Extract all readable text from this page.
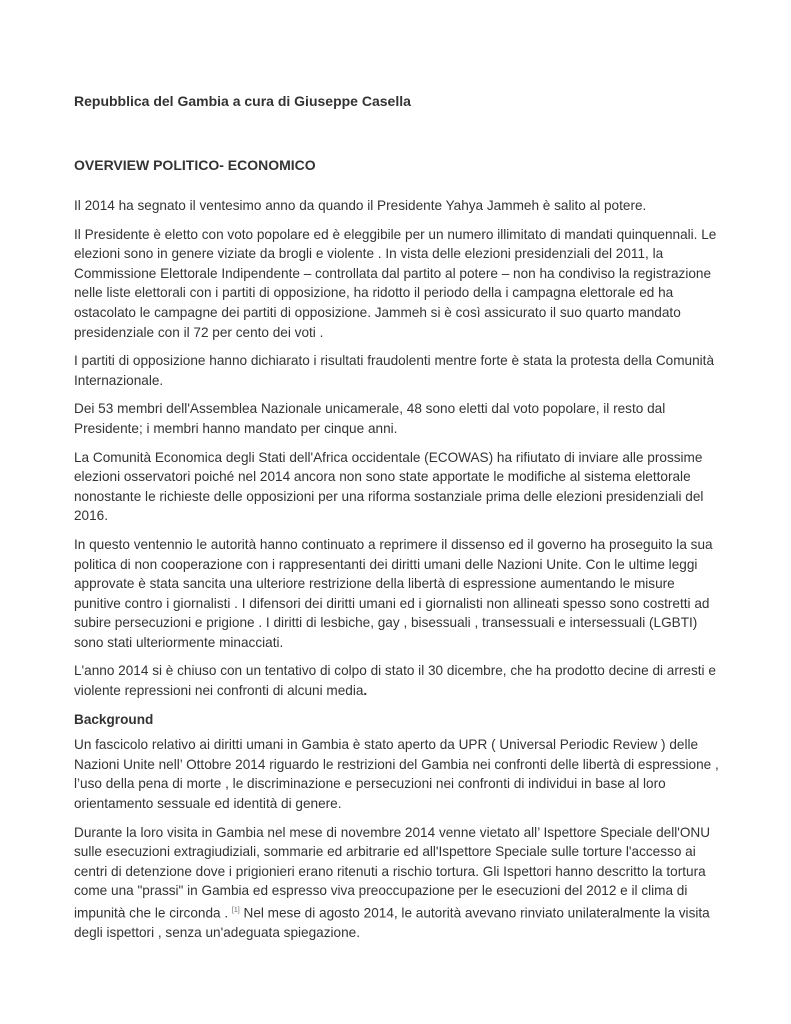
Repubblica del Gambia a cura di Giuseppe Casella
OVERVIEW POLITICO- ECONOMICO

Il 2014 ha segnato il ventesimo anno da quando il Presidente Yahya Jammeh è salito al potere.

Il Presidente è eletto con voto popolare ed è eleggibile per un numero illimitato di mandati quinquennali. Le elezioni sono in genere viziate da brogli e violente . In vista delle elezioni presidenziali del 2011, la Commissione Elettorale Indipendente – controllata dal partito al potere – non ha condiviso la registrazione nelle liste elettorali con i partiti di opposizione, ha ridotto il periodo della i campagna elettorale ed ha ostacolato le campagne dei partiti di opposizione. Jammeh si è così assicurato il suo quarto mandato presidenziale con il 72 per cento dei voti .

I partiti di opposizione hanno dichiarato i risultati fraudolenti mentre forte è stata la protesta della Comunità Internazionale.

Dei 53 membri dell'Assemblea Nazionale unicamerale, 48 sono eletti dal voto popolare, il resto dal Presidente; i membri hanno mandato per cinque anni.

La Comunità Economica degli Stati dell'Africa occidentale (ECOWAS) ha rifiutato di inviare alle prossime elezioni osservatori poiché nel 2014 ancora non sono state apportate le modifiche al sistema elettorale nonostante le richieste delle opposizioni per una riforma sostanziale prima delle elezioni presidenziali del 2016.

In questo ventennio le autorità hanno continuato a reprimere il dissenso ed il governo ha proseguito la sua politica di non cooperazione con i rappresentanti dei diritti umani delle Nazioni Unite. Con le ultime leggi approvate è stata sancita una ulteriore restrizione della libertà di espressione aumentando le misure punitive contro i giornalisti . I difensori dei diritti umani ed i giornalisti non allineati spesso sono costretti ad subire persecuzioni e prigione . I diritti di lesbiche, gay , bisessuali , transessuali e intersessuali (LGBTI) sono stati ulteriormente minacciati.

L'anno 2014 si è chiuso con un tentativo di colpo di stato il 30 dicembre, che ha prodotto decine di arresti e violente repressioni nei confronti di alcuni media.

Background

Un fascicolo relativo ai diritti umani in Gambia è stato aperto da UPR ( Universal Periodic Review ) delle Nazioni Unite nell’ Ottobre 2014 riguardo le restrizioni del Gambia nei confronti delle libertà di espressione , l’uso della pena di morte , le discriminazione e persecuzioni nei confronti di individui in base al loro orientamento sessuale ed identità di genere.

Durante la loro visita in Gambia nel mese di novembre 2014 venne vietato all’ Ispettore Speciale dell'ONU sulle esecuzioni extragiudiziali, sommarie ed arbitrarie ed all'Ispettore Speciale sulle torture l'accesso ai centri di detenzione dove i prigionieri erano ritenuti a rischio tortura. Gli Ispettori hanno descritto la tortura come una "prassi" in Gambia ed espresso viva preoccupazione per le esecuzioni del 2012 e il clima di impunità che le circonda . [1] Nel mese di agosto 2014, le autorità avevano rinviato unilateralmente la visita degli ispettori , senza un'adeguata spiegazione.
